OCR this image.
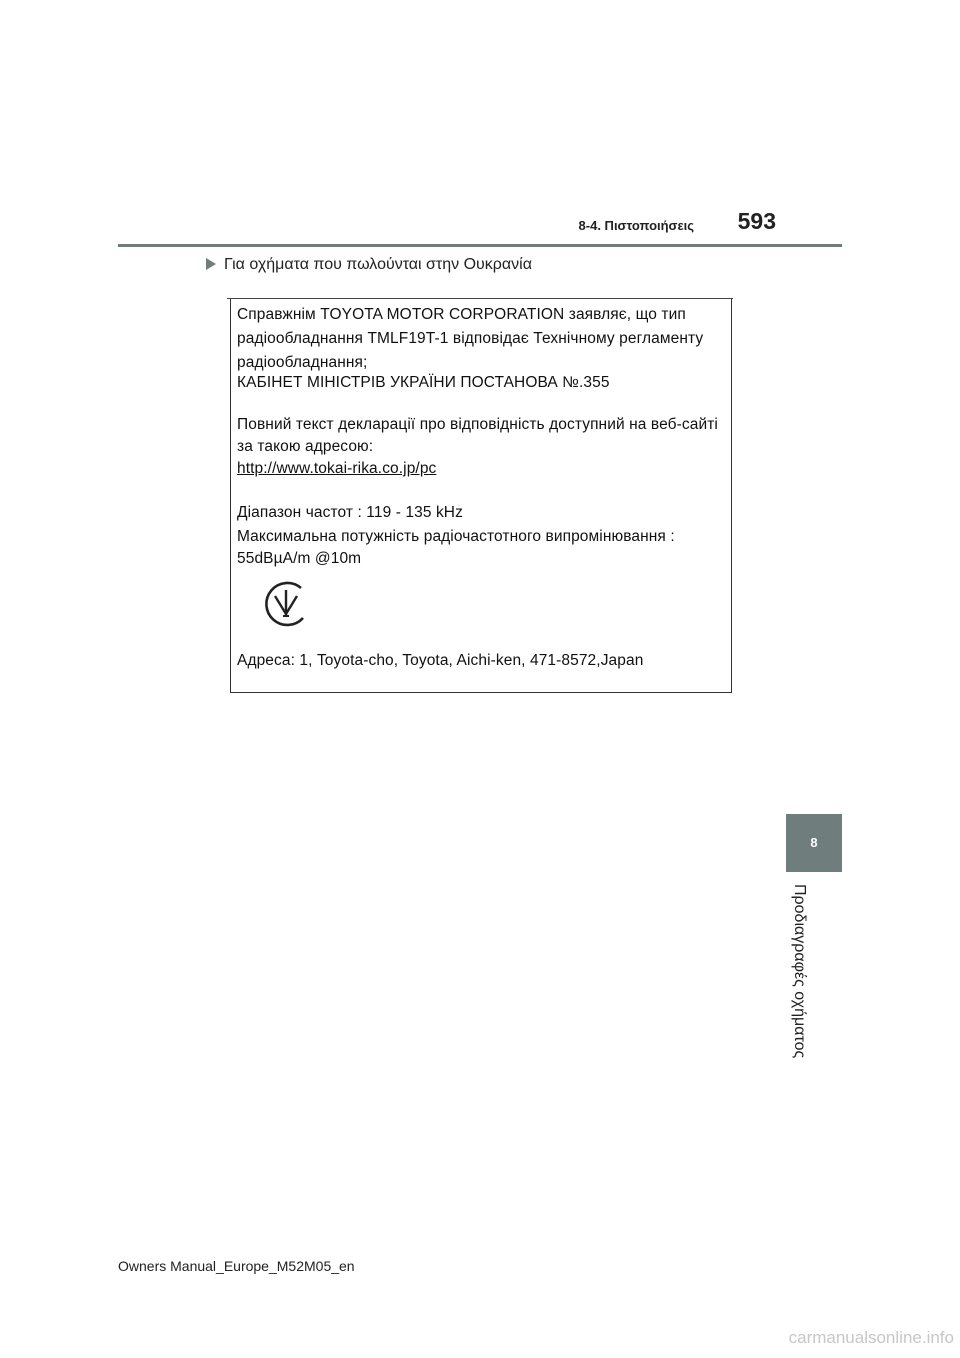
8-4. Πιστοποιήσεις	593
Για οχήματα που πωλούνται στην Ουκρανία
Справжнім TOYOTA MOTOR CORPORATION заявляє, що тип
радіообладнання TMLF19T-1 відповідає Технічному регламенту
радіообладнання;
КАБІНЕТ МІНІСТРІВ УКРАЇНИ ПОСТАНОВА №.355
Повний текст декларації про відповідність доступний на веб-сайті
за такою адресою:
http://www.tokai-rika.co.jp/pc
Діапазон частот : 119 - 135 kHz
Максимальна потужність радіочастотного випромінювання :
55dBµA/m @10m
Адреса: 1, Toyota-cho, Toyota, Aichi-ken, 471-8572,Japan
8
Προδιαγραφές οχήματος
Owners Manual_Europe_M52M05_en
carmanualsonline.info
